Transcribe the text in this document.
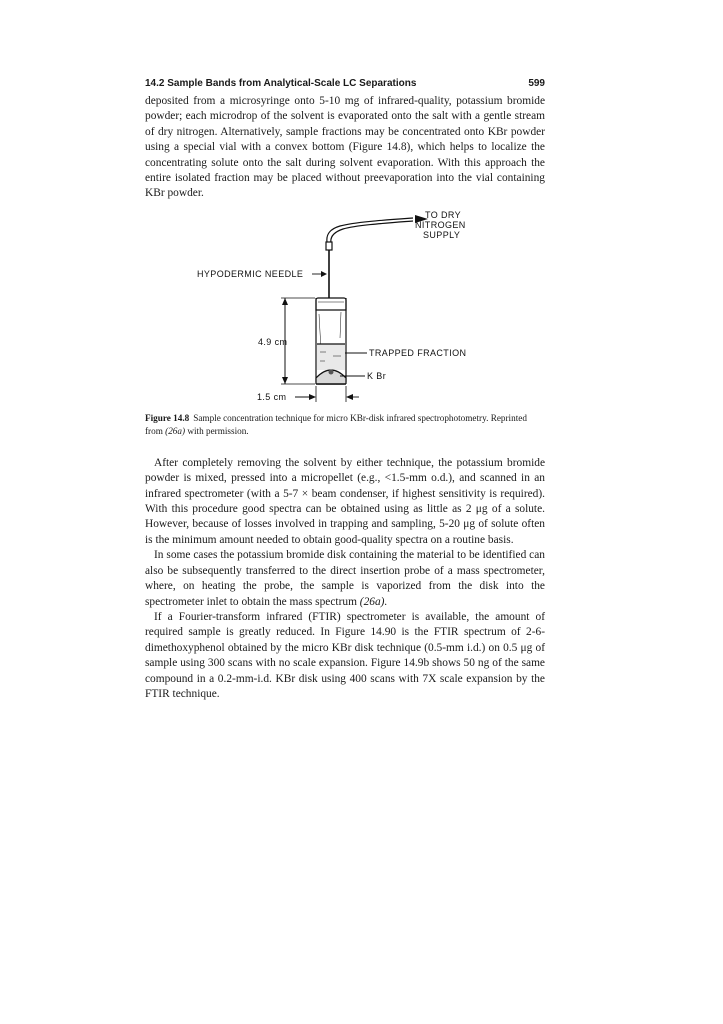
14.2 Sample Bands from Analytical-Scale LC Separations	599

deposited from a microsyringe onto 5-10 mg of infrared-quality, potassium bromide powder; each microdrop of the solvent is evaporated onto the salt with a gentle stream of dry nitrogen. Alternatively, sample fractions may be concentrated onto KBr powder using a special vial with a convex bottom (Figure 14.8), which helps to localize the concentrating solute onto the salt during solvent evaporation. With this approach the entire isolated fraction may be placed without preevaporation into the vial containing KBr powder.

TO DRY
NITROGEN
SUPPLY
HYPODERMIC NEEDLE
4.9 cm
TRAPPED FRACTION
K Br
1.5 cm
Figure 14.8 Sample concentration technique for micro KBr-disk infrared spectrophotometry. Reprinted from (26a) with permission.

After completely removing the solvent by either technique, the potassium bromide powder is mixed, pressed into a micropellet (e.g., <1.5-mm o.d.), and scanned in an infrared spectrometer (with a 5-7 × beam condenser, if highest sensitivity is required). With this procedure good spectra can be obtained using as little as 2 μg of a solute. However, because of losses involved in trapping and sampling, 5-20 μg of solute often is the minimum amount needed to obtain good-quality spectra on a routine basis.

In some cases the potassium bromide disk containing the material to be identified can also be subsequently transferred to the direct insertion probe of a mass spectrometer, where, on heating the probe, the sample is vaporized from the disk into the spectrometer inlet to obtain the mass spectrum (26a).

If a Fourier-transform infrared (FTIR) spectrometer is available, the amount of required sample is greatly reduced. In Figure 14.90 is the FTIR spectrum of 2-6-dimethoxyphenol obtained by the micro KBr disk technique (0.5-mm i.d.) on 0.5 μg of sample using 300 scans with no scale expansion. Figure 14.9b shows 50 ng of the same compound in a 0.2-mm-i.d. KBr disk using 400 scans with 7X scale expansion by the FTIR technique.
